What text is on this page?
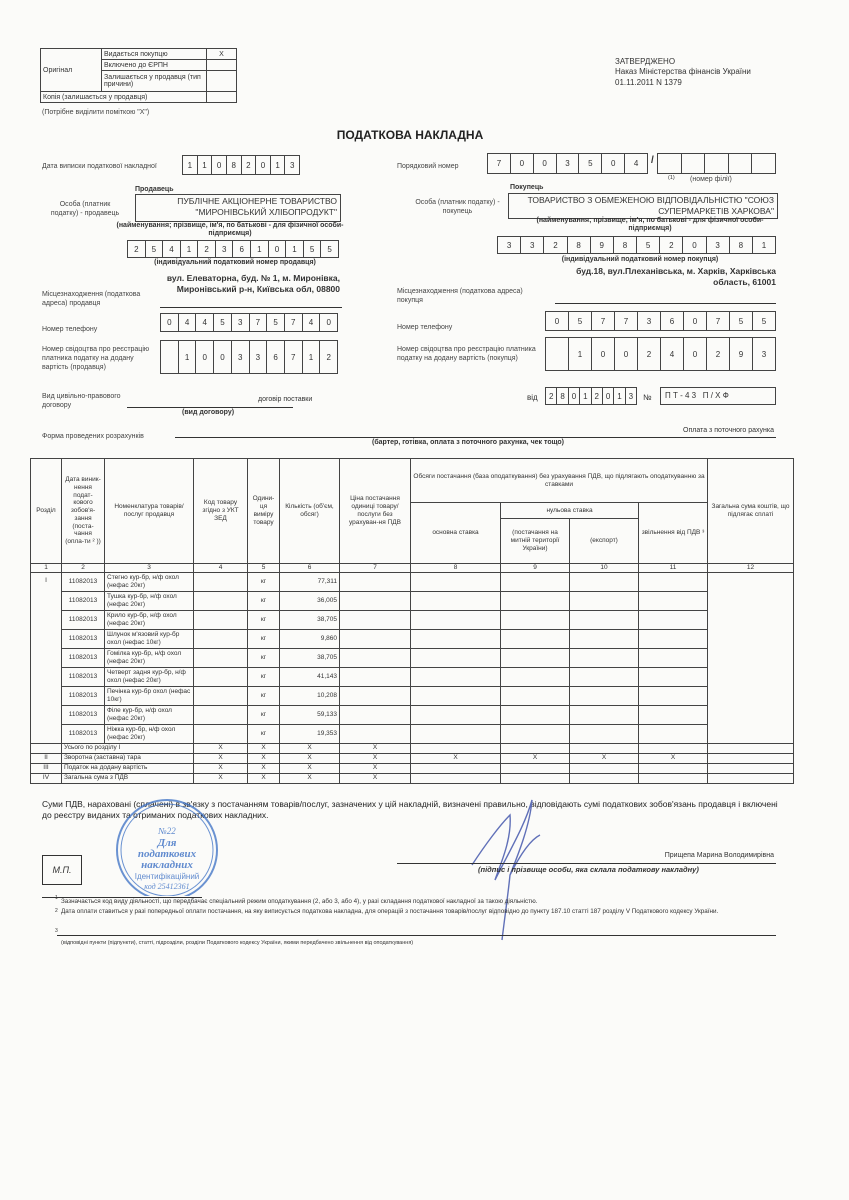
Оригінал	Видається покупцю	X
	Включено до ЄРПН	
	Залишається у продавця (тип причини)	
Копія (залишається у продавця)		
(Потрібне виділити поміткою "X")
ЗАТВЕРДЖЕНО
Наказ Міністерства фінансів України
01.11.2011 N 1379
ПОДАТКОВА НАКЛАДНА
Дата виписки податкової накладної	1	1	0	8	2	0	1	3	Порядковий номер	7	0	0	3	5	0	4	/
(1) (номер філії)
Продавець
Особа (платник податку) - продавець
ПУБЛІЧНЕ АКЦІОНЕРНЕ ТОВАРИСТВО "МИРОНІВСЬКИЙ ХЛІБОПРОДУКТ"
(найменування; прізвище, ім'я, по батькові - для фізичної особи-підприємця)
2	5	4	1	2	3	6	1	0	1	5	5
(індивідуальний податковий номер продавця)
Покупець
Особа (платник податку) - покупець
ТОВАРИСТВО З ОБМЕЖЕНОЮ ВІДПОВІДАЛЬНІСТЮ "СОЮЗ СУПЕРМАРКЕТІВ ХАРКОВА"
(найменування; прізвище, ім'я, по батькові - для фізичної особи-підприємця)
3	3	2	8	9	8	5	2	0	3	8	1
(індивідуальний податковий номер покупця)
Місцезнаходження (податкова адреса) продавця
вул. Елеваторна, буд. № 1, м. Миронівка, Миронівський р-н, Київська обл, 08800	Місцезнаходження (податкова адреса) покупця
буд.18, вул.Плеханівська, м. Харків, Харківська область, 61001
Номер телефону
0	4	4	5	3	7	5	7	4	0
Номер телефону
0	5	7	7	3	6	0	7	5	5
Номер свідоцтва про реєстрацію платника податку на додану вартість (продавця)
1	0	0	3	3	6	7	1	2
Номер свідоцтва про реєстрацію платника податку на додану вартість (покупця)
1	0	0	2	4	0	2	9	3
Вид цивільно-правового договору
договір поставки
(вид договору)
від	2 8 0 1 2 0 1 3	№	П Т - 4 3   П / Х Ф
Форма проведених розрахунків
Оплата з поточного рахунка
(бартер, готівка, оплата з поточного рахунка, чек тощо)
Розділ	Дата виник-нення подат-кового зобов'я-зання (поста-чання (опла-ти ² ))	Номенклатура товарів/послуг продавця	Код товару згідно з УКТ ЗЕД	Одини-ця виміру товару	Кількість (об'єм, обсяг)	Ціна постачання одиниці товару/послуги без урахуван-ня ПДВ	Обсяги постачання (база оподаткування) без урахування ПДВ, що підлягають оподаткуванню за ставками				Загальна сума коштів, що підлягає сплаті
							основна ставка	нульова ставка		звільнення від ПДВ ³	
								(постачання на митній території України)	(експорт)		
1	2	3	4	5	6	7	8	9	10	11	12
I	11082013	Стегно кур-бр, н/ф охол (нефас 20кг)		кг	77,311						
	11082013	Тушка кур-бр, н/ф охол (нефас 20кг)		кг	36,005						
	11082013	Крило кур-бр, н/ф охол (нефас 20кг)		кг	38,705						
	11082013	Шлунок м'язовий кур-бр охол (нефас 10кг)		кг	9,860						
	11082013	Гомілка кур-бр, н/ф охол (нефас 20кг)		кг	38,705						
	11082013	Четверт задня кур-бр, н/ф охол (нефас 20кг)		кг	41,143						
	11082013	Печінка кур-бр охол (нефас 10кг)		кг	10,208						
	11082013	Філе кур-бр, н/ф охол (нефас 20кг)		кг	59,133						
	11082013	Ніжка кур-бр, н/ф охол (нефас 20кг)		кг	19,353						
	Усього по розділу I		X	X	X	X					
II	Зворотна (заставна) тара		X	X	X	X	X	X	X	X	
III	Податок на додану вартість		X	X	X	X					
IV	Загальна сума з ПДВ		X	X	X	X					
Суми ПДВ, нараховані (сплачені) в зв'язку з постачанням товарів/послуг, зазначених у цій накладній, визначені правильно, відповідають сумі податкових зобов'язань продавця і включені до реєстру виданих та отриманих податкових накладних.
№22
Для
податкових
накладних
Ідентифікаційний
код 25412361
М.П.
Прищепа Марина Володимирівна
(підпис і прізвище особи, яка склала податкову накладну)
1 Зазначається код виду діяльності, що передбачає спеціальний режим оподаткування (2, або 3, або 4), у разі складання податкової накладної за такою діяльністю.
2 Дата оплати ставиться у разі попередньої оплати постачання, на яку виписується податкова накладна, для операцій з постачання товарів/послуг відповідно до пункту 187.10 статті 187 розділу V Податкового кодексу України.
3
(відповідні пункти (підпункти), статті, підрозділи, розділи Податкового кодексу України, якими передбачено звільнення від оподаткування)
